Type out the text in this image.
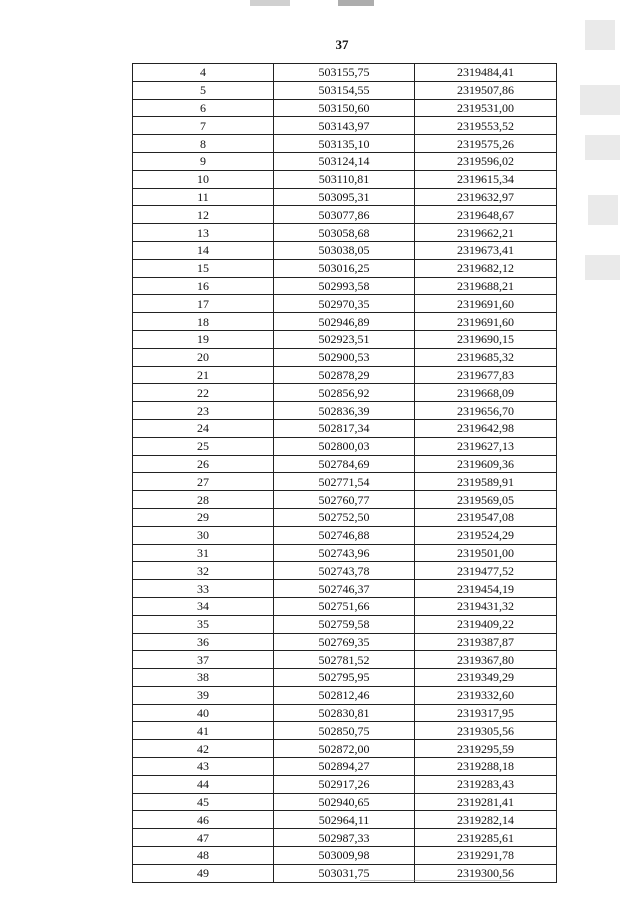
37
4	503155,75	2319484,41
5	503154,55	2319507,86
6	503150,60	2319531,00
7	503143,97	2319553,52
8	503135,10	2319575,26
9	503124,14	2319596,02
10	503110,81	2319615,34
11	503095,31	2319632,97
12	503077,86	2319648,67
13	503058,68	2319662,21
14	503038,05	2319673,41
15	503016,25	2319682,12
16	502993,58	2319688,21
17	502970,35	2319691,60
18	502946,89	2319691,60
19	502923,51	2319690,15
20	502900,53	2319685,32
21	502878,29	2319677,83
22	502856,92	2319668,09
23	502836,39	2319656,70
24	502817,34	2319642,98
25	502800,03	2319627,13
26	502784,69	2319609,36
27	502771,54	2319589,91
28	502760,77	2319569,05
29	502752,50	2319547,08
30	502746,88	2319524,29
31	502743,96	2319501,00
32	502743,78	2319477,52
33	502746,37	2319454,19
34	502751,66	2319431,32
35	502759,58	2319409,22
36	502769,35	2319387,87
37	502781,52	2319367,80
38	502795,95	2319349,29
39	502812,46	2319332,60
40	502830,81	2319317,95
41	502850,75	2319305,56
42	502872,00	2319295,59
43	502894,27	2319288,18
44	502917,26	2319283,43
45	502940,65	2319281,41
46	502964,11	2319282,14
47	502987,33	2319285,61
48	503009,98	2319291,78
49	503031,75	2319300,56
